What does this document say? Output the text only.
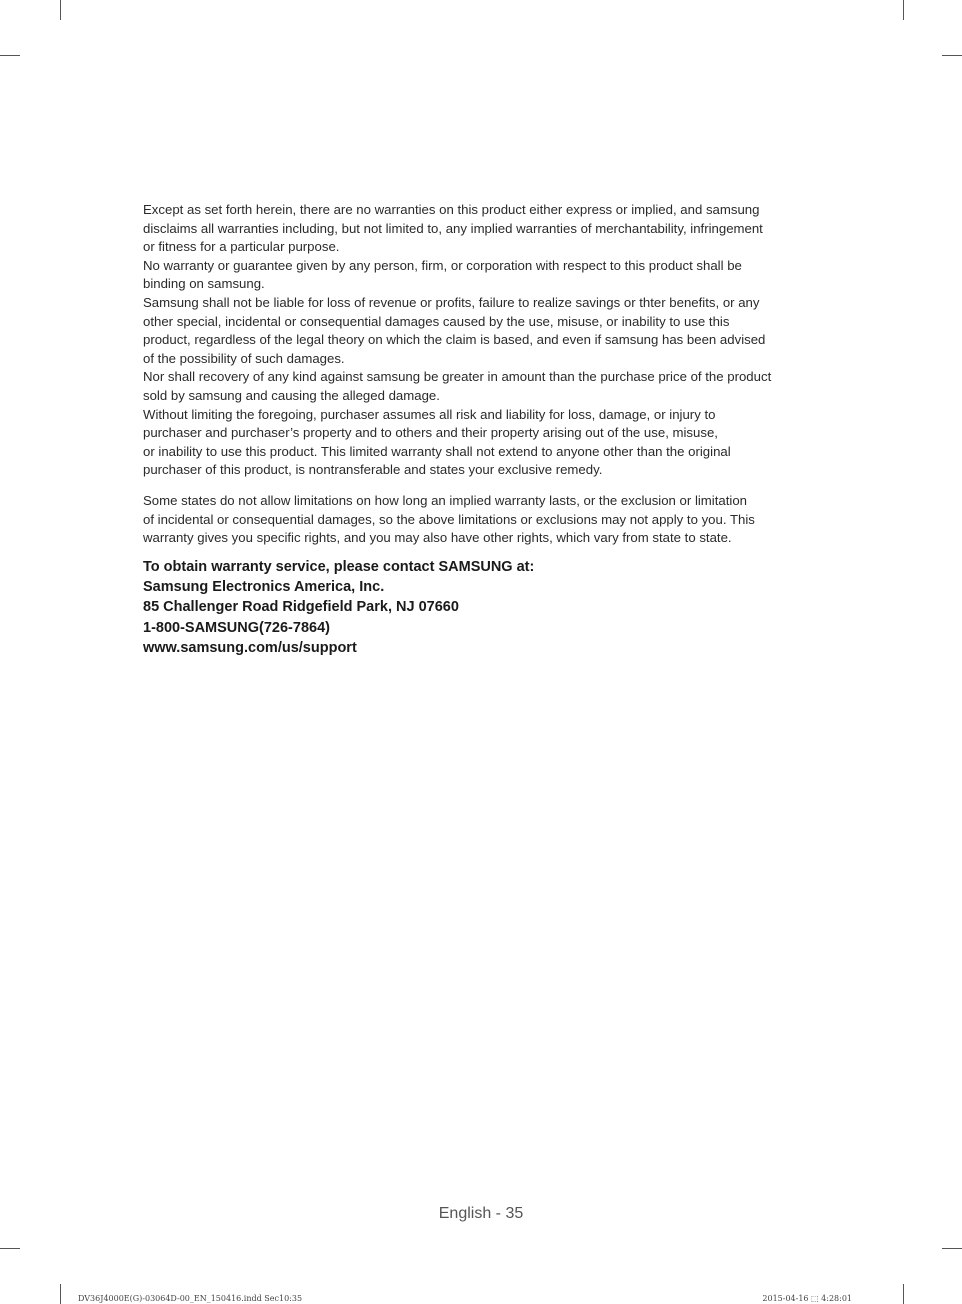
Except as set forth herein, there are no warranties on this product either express or implied, and samsung
disclaims all warranties including, but not limited to, any implied warranties of merchantability, infringement
or fitness for a particular purpose.

No warranty or guarantee given by any person, firm, or corporation with respect to this product shall be
binding on samsung.

Samsung shall not be liable for loss of revenue or profits, failure to realize savings or thter benefits, or any
other special, incidental or consequential damages caused by the use, misuse, or inability to use this
product, regardless of the legal theory on which the claim is based, and even if samsung has been advised
of the possibility of such damages.

Nor shall recovery of any kind against samsung be greater in amount than the purchase price of the product
sold by samsung and causing the alleged damage.

Without limiting the foregoing, purchaser assumes all risk and liability for loss, damage, or injury to
purchaser and purchaser’s property and to others and their property arising out of the use, misuse,
or inability to use this product. This limited warranty shall not extend to anyone other than the original
purchaser of this product, is nontransferable and states your exclusive remedy.

Some states do not allow limitations on how long an implied warranty lasts, or the exclusion or limitation
of incidental or consequential damages, so the above limitations or exclusions may not apply to you. This
warranty gives you specific rights, and you may also have other rights, which vary from state to state.

To obtain warranty service, please contact SAMSUNG at:
Samsung Electronics America, Inc.
85 Challenger Road Ridgefield Park, NJ 07660
1-800-SAMSUNG(726-7864)
www.samsung.com/us/support
English - 35
DV36J4000E(G)-03064D-00_EN_150416.indd Sec10:35	2015-04-16 ⬚ 4:28:01
